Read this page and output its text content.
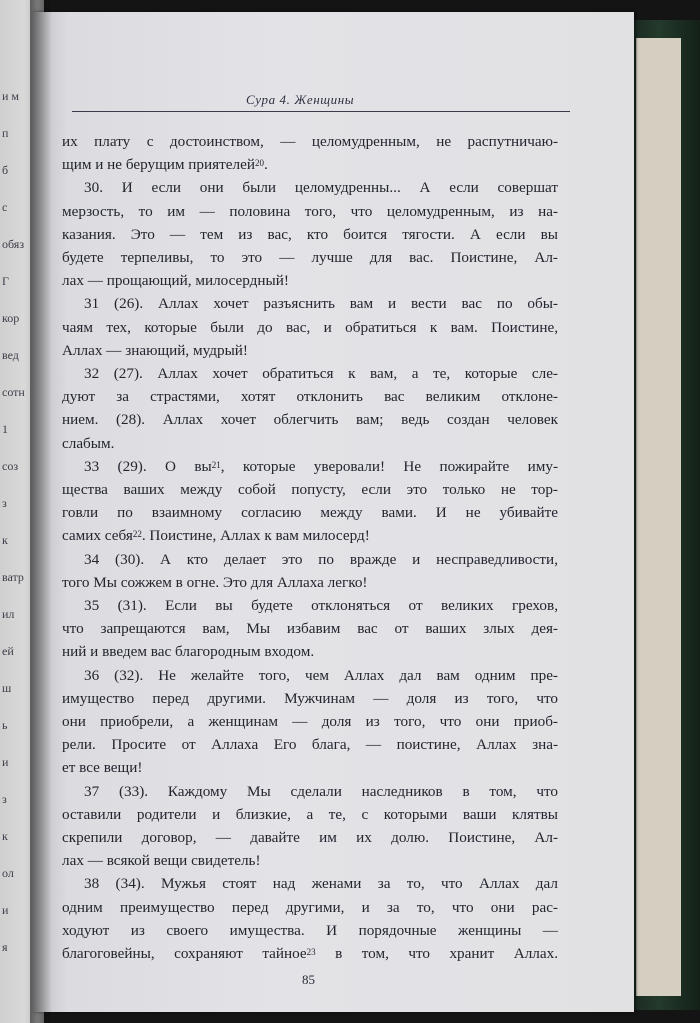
и м
п
б
с
обяз
Г
кор
вед
сотн
1
соз
з
к
ватр
ил
ей
ш
ь
и
з
к
ол
и
я
Сура 4. Женщины
их плату с достоинством, — целомудренным, не распутничаю-
щим и не берущим приятелей$^{20}$.
30. И если они были целомудренны... А если совершат
мерзость, то им — половина того, что целомудренным, из на-
казания. Это — тем из вас, кто боится тягости. А если вы
будете терпеливы, то это — лучше для вас. Поистине, Ал-
лах — прощающий, милосердный!
31 (26). Аллах хочет разъяснить вам и вести вас по обы-
чаям тех, которые были до вас, и обратиться к вам. Поистине,
Аллах — знающий, мудрый!
32 (27). Аллах хочет обратиться к вам, а те, которые сле-
дуют за страстями, хотят отклонить вас великим отклоне-
нием. (28). Аллах хочет облегчить вам; ведь создан человек
слабым.
33 (29). О вы$^{21}$, которые уверовали! Не пожирайте иму-
щества ваших между собой попусту, если это только не тор-
говли по взаимному согласию между вами. И не убивайте
самих себя$^{22}$. Поистине, Аллах к вам милосерд!
34 (30). А кто делает это по вражде и несправедливости,
того Мы сожжем в огне. Это для Аллаха легко!
35 (31). Если вы будете отклоняться от великих грехов,
что запрещаются вам, Мы избавим вас от ваших злых дея-
ний и введем вас благородным входом.
36 (32). Не желайте того, чем Аллах дал вам одним пре-
имущество перед другими. Мужчинам — доля из того, что
они приобрели, а женщинам — доля из того, что они приоб-
рели. Просите от Аллаха Его блага, — поистине, Аллах зна-
ет все вещи!
37 (33). Каждому Мы сделали наследников в том, что
оставили родители и близкие, а те, с которыми ваши клятвы
скрепили договор, — давайте им их долю. Поистине, Ал-
лах — всякой вещи свидетель!
38 (34). Мужья стоят над женами за то, что Аллах дал
одним преимущество перед другими, и за то, что они рас-
ходуют из своего имущества. И порядочные женщины —
благоговейны, сохраняют тайное$^{23}$ в том, что хранит Аллах.
85
